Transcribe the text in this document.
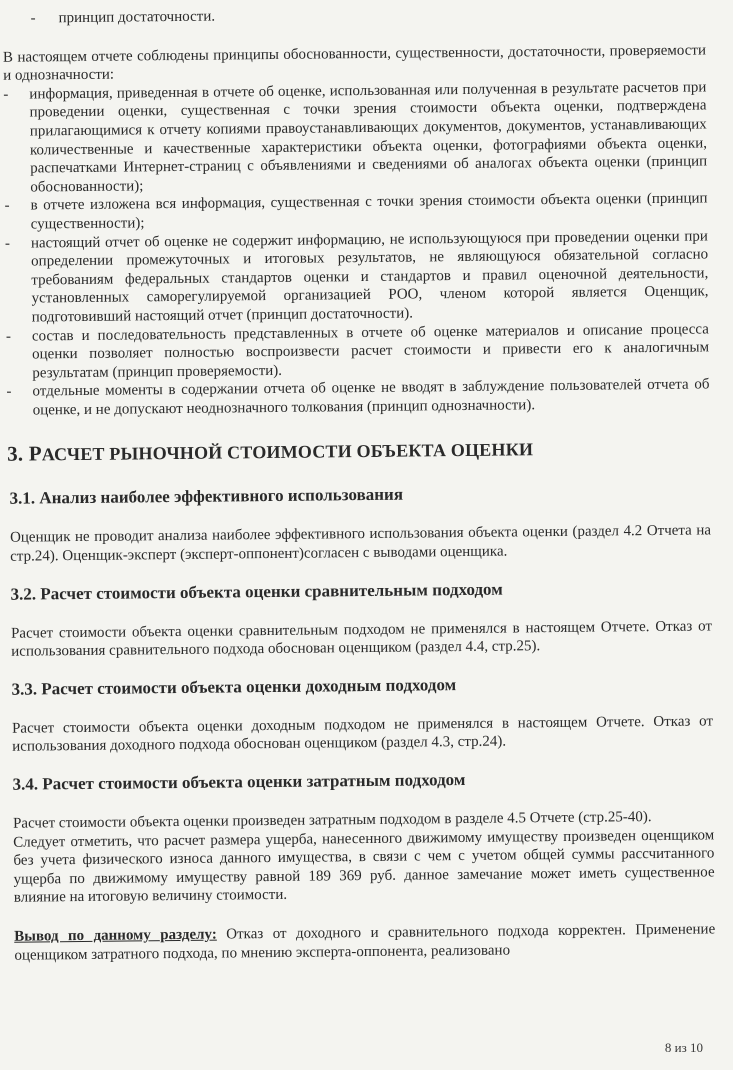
- принцип достаточности.

В настоящем отчете соблюдены принципы обоснованности, существенности, достаточности, проверяемости и однозначности:

- информация, приведенная в отчете об оценке, использованная или полученная в результате расчетов при проведении оценки, существенная с точки зрения стоимости объекта оценки, подтверждена прилагающимися к отчету копиями правоустанавливающих документов, документов, устанавливающих количественные и качественные характеристики объекта оценки, фотографиями объекта оценки, распечатками Интернет-страниц с объявлениями и сведениями об аналогах объекта оценки (принцип обоснованности);
- в отчете изложена вся информация, существенная с точки зрения стоимости объекта оценки (принцип существенности);
- настоящий отчет об оценке не содержит информацию, не использующуюся при проведении оценки при определении промежуточных и итоговых результатов, не являющуюся обязательной согласно требованиям федеральных стандартов оценки и стандартов и правил оценочной деятельности, установленных саморегулируемой организацией РОО, членом которой является Оценщик, подготовивший настоящий отчет (принцип достаточности).
- состав и последовательность представленных в отчете об оценке материалов и описание процесса оценки позволяет полностью воспроизвести расчет стоимости и привести его к аналогичным результатам (принцип проверяемости).
- отдельные моменты в содержании отчета об оценке не вводят в заблуждение пользователей отчета об оценке, и не допускают неоднозначного толкования (принцип однозначности).
3. РАСЧЕТ РЫНОЧНОЙ СТОИМОСТИ ОБЪЕКТА ОЦЕНКИ
3.1. Анализ наиболее эффективного использования

Оценщик не проводит анализа наиболее эффективного использования объекта оценки (раздел 4.2 Отчета на стр.24). Оценщик-эксперт (эксперт-оппонент)согласен с выводами оценщика.

3.2. Расчет стоимости объекта оценки сравнительным подходом

Расчет стоимости объекта оценки сравнительным подходом не применялся в настоящем Отчете. Отказ от использования сравнительного подхода обоснован оценщиком (раздел 4.4, стр.25).

3.3. Расчет стоимости объекта оценки доходным подходом

Расчет стоимости объекта оценки доходным подходом не применялся в настоящем Отчете. Отказ от использования доходного подхода обоснован оценщиком (раздел 4.3, стр.24).

3.4. Расчет стоимости объекта оценки затратным подходом

Расчет стоимости объекта оценки произведен затратным подходом в разделе 4.5 Отчете (стр.25-40).

Следует отметить, что расчет размера ущерба, нанесенного движимому имуществу произведен оценщиком без учета физического износа данного имущества, в связи с чем с учетом общей суммы рассчитанного ущерба по движимому имуществу равной 189 369 руб. данное замечание может иметь существенное влияние на итоговую величину стоимости.

Вывод по данному разделу: Отказ от доходного и сравнительного подхода корректен. Применение оценщиком затратного подхода, по мнению эксперта-оппонента, реализовано

8 из 10
